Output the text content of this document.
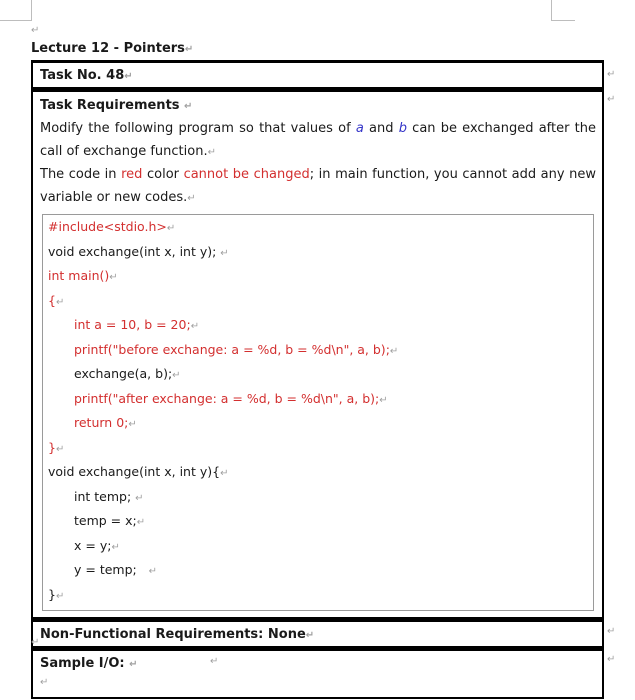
↵
Lecture 12 - Pointers↵
Task No. 48↵	↵
↵
Task Requirements ↵

Modify the following program so that values of a and b can be exchanged after the call of exchange function.↵

The code in red color cannot be changed; in main function, you cannot add any new variable or new codes.↵

#include<stdio.h>↵
void exchange(int x, int y); ↵
int main()↵
{↵
int a = 10, b = 20;↵
printf("before exchange: a = %d, b = %d\n", a, b);↵
exchange(a, b);↵
printf("after exchange: a = %d, b = %d\n", a, b);↵
return 0;↵
}↵
void exchange(int x, int y){↵
int temp; ↵
temp = x;↵
x = y;↵
y = temp;   ↵
}↵
Non-Functional Requirements: None↵	↵
Sample I/O: ↵
↵
↵
↵
↵
